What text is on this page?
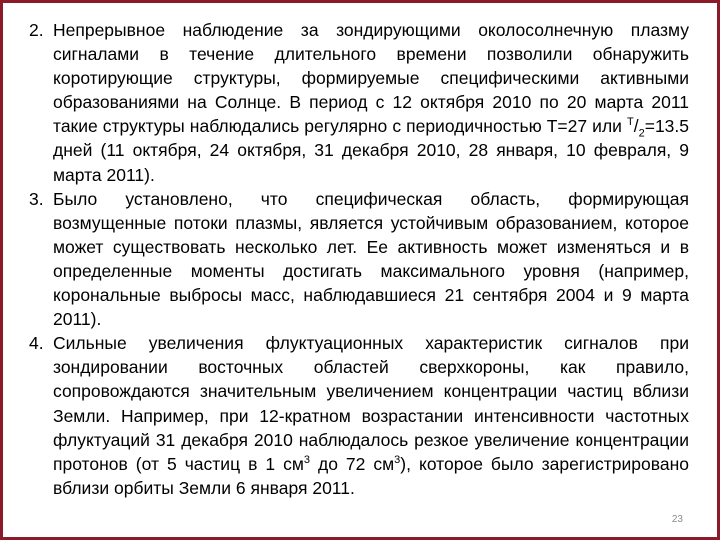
2. Непрерывное наблюдение за зондирующими околосолнечную плазму сигналами в течение длительного времени позволили обнаружить коротирующие структуры, формируемые специфическими активными образованиями на Солнце. В период с 12 октября 2010 по 20 марта 2011 такие структуры наблюдались регулярно с периодичностью T=27 или $^T/_2=13.5$ дней (11 октября, 24 октября, 31 декабря 2010, 28 января, 10 февраля, 9 марта 2011).

3. Было установлено, что специфическая область, формирующая возмущенные потоки плазмы, является устойчивым образованием, которое может существовать несколько лет. Ее активность может изменяться и в определенные моменты достигать максимального уровня (например, корональные выбросы масс, наблюдавшиеся 21 сентября 2004 и 9 марта 2011).

4. Сильные увеличения флуктуационных характеристик сигналов при зондировании восточных областей сверхкороны, как правило, сопровождаются значительным увеличением концентрации частиц вблизи Земли. Например, при 12-кратном возрастании интенсивности частотных флуктуаций 31 декабря 2010 наблюдалось резкое увеличение концентрации протонов (от 5 частиц в 1 $см^3$ до 72 $см^3$), которое было зарегистрировано вблизи орбиты Земли 6 января 2011.

23
